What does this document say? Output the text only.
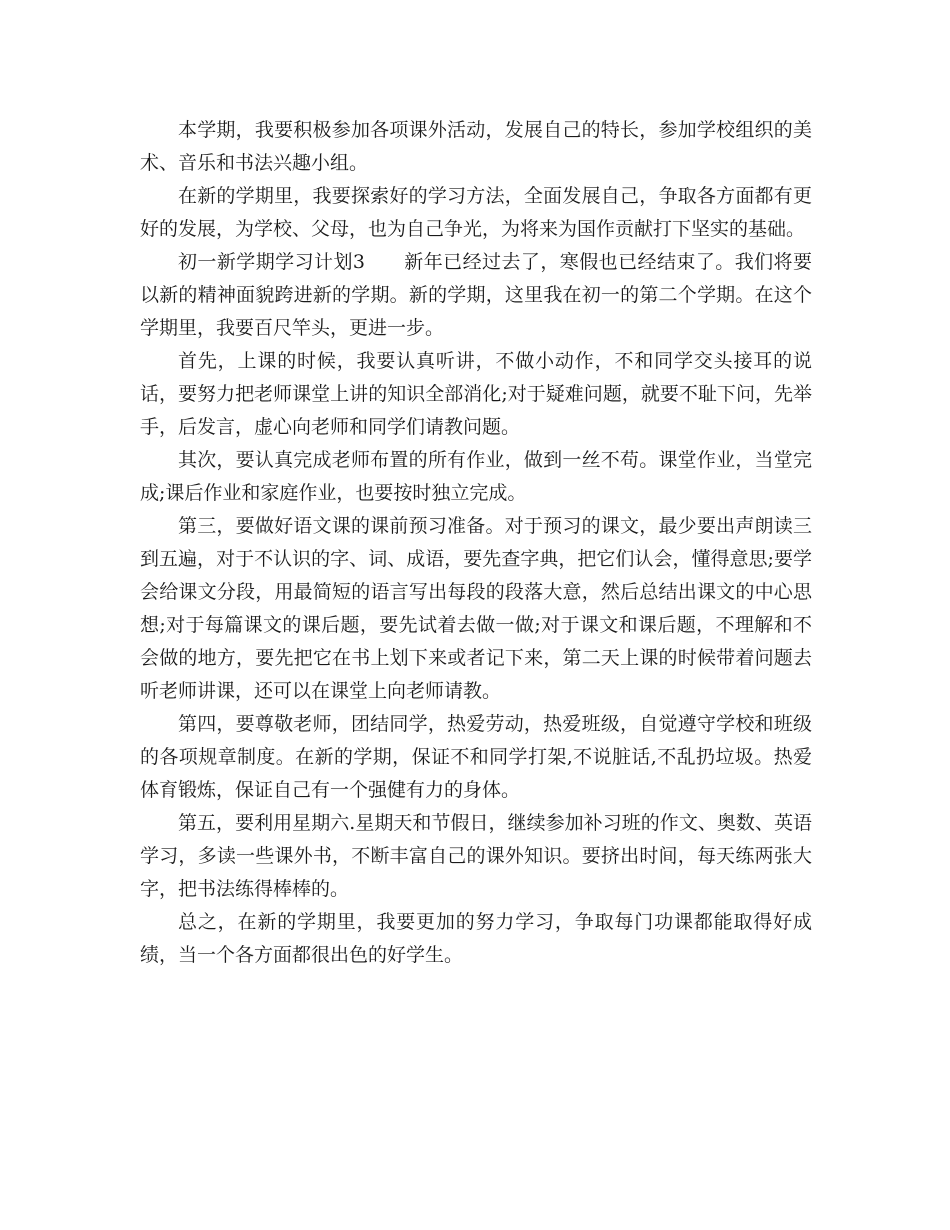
本学期，我要积极参加各项课外活动，发展自己的特长，参加学校组织的美术、音乐和书法兴趣小组。

在新的学期里，我要探索好的学习方法，全面发展自己，争取各方面都有更好的发展，为学校、父母，也为自己争光，为将来为国作贡献打下坚实的基础。

初一新学期学习计划3　　新年已经过去了，寒假也已经结束了。我们将要以新的精神面貌跨进新的学期。新的学期，这里我在初一的第二个学期。在这个学期里，我要百尺竿头，更进一步。

首先，上课的时候，我要认真听讲，不做小动作，不和同学交头接耳的说话，要努力把老师课堂上讲的知识全部消化;对于疑难问题，就要不耻下问，先举手，后发言，虚心向老师和同学们请教问题。

其次，要认真完成老师布置的所有作业，做到一丝不苟。课堂作业，当堂完成;课后作业和家庭作业，也要按时独立完成。

第三，要做好语文课的课前预习准备。对于预习的课文，最少要出声朗读三到五遍，对于不认识的字、词、成语，要先查字典，把它们认会，懂得意思;要学会给课文分段，用最简短的语言写出每段的段落大意，然后总结出课文的中心思想;对于每篇课文的课后题，要先试着去做一做;对于课文和课后题，不理解和不会做的地方，要先把它在书上划下来或者记下来，第二天上课的时候带着问题去听老师讲课，还可以在课堂上向老师请教。

第四，要尊敬老师，团结同学，热爱劳动，热爱班级，自觉遵守学校和班级的各项规章制度。在新的学期，保证不和同学打架,不说脏话,不乱扔垃圾。热爱体育锻炼，保证自己有一个强健有力的身体。

第五，要利用星期六.星期天和节假日，继续参加补习班的作文、奥数、英语学习，多读一些课外书，不断丰富自己的课外知识。要挤出时间，每天练两张大字，把书法练得棒棒的。

总之，在新的学期里，我要更加的努力学习，争取每门功课都能取得好成绩，当一个各方面都很出色的好学生。
